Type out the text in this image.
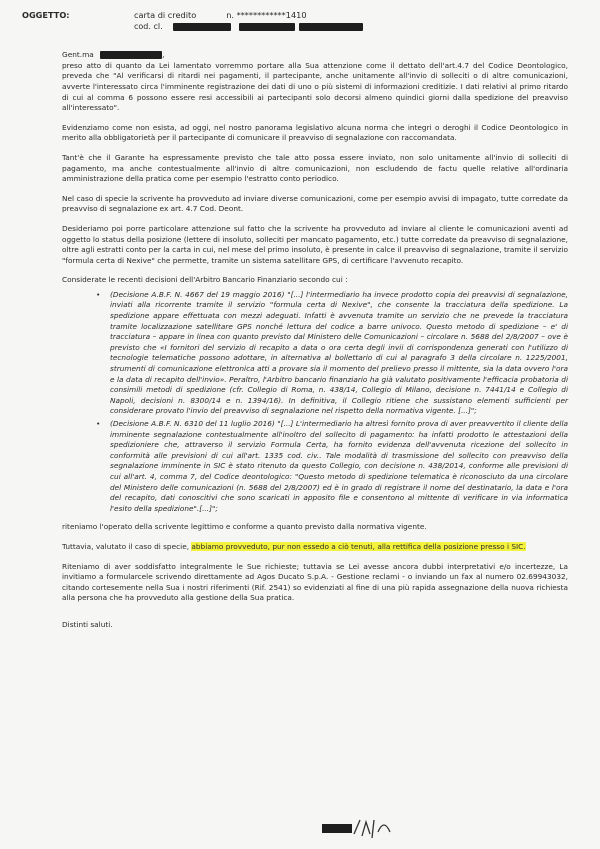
OGGETTO:	carta di credito	n. ************1410
cod. cl.
Gent.ma	,

preso atto di quanto da Lei lamentato vorremmo portare alla Sua attenzione come il dettato dell'art.4.7 del Codice Deontologico, preveda che "Al verificarsi di ritardi nei pagamenti, il partecipante, anche unitamente all'invio di solleciti o di altre comunicazioni, avverte l'interessato circa l'imminente registrazione dei dati di uno o più sistemi di informazioni creditizie. I dati relativi al primo ritardo di cui al comma 6 possono essere resi accessibili ai partecipanti solo decorsi almeno quindici giorni dalla spedizione del preavviso all'interessato".

Evidenziamo come non esista, ad oggi, nel nostro panorama legislativo alcuna norma che integri o deroghi il Codice Deontologico in merito alla obbligatorietà per il partecipante di comunicare il preavviso di segnalazione con raccomandata.

Tant'è che il Garante ha espressamente previsto che tale atto possa essere inviato, non solo unitamente all'invio di solleciti di pagamento, ma anche contestualmente all'invio di altre comunicazioni, non escludendo de factu quelle relative all'ordinaria amministrazione della pratica come per esempio l'estratto conto periodico.

Nel caso di specie la scrivente ha provveduto ad inviare diverse comunicazioni, come per esempio avvisi di impagato, tutte corredate da preavviso di segnalazione ex art. 4.7 Cod. Deont.

Desideriamo poi porre particolare attenzione sul fatto che la scrivente ha provveduto ad inviare al cliente le comunicazioni aventi ad oggetto lo status della posizione (lettere di insoluto, solleciti per mancato pagamento, etc.) tutte corredate da preavviso di segnalazione, oltre agli estratti conto per la carta in cui, nel mese del primo insoluto, è presente in calce il preavviso di segnalazione, tramite il servizio "formula certa di Nexive" che permette, tramite un sistema satellitare GPS, di certificare l'avvenuto recapito.

Considerate le recenti decisioni dell'Arbitro Bancario Finanziario secondo cui :

• (Decisione A.B.F. N. 4667 del 19 maggio 2016) "[...] l'intermediario ha invece prodotto copia dei preavvisi di segnalazione, inviati alla ricorrente tramite il servizio "formula certa di Nexive", che consente la tracciatura della spedizione. La spedizione appare effettuata con mezzi adeguati. Infatti è avvenuta tramite un servizio che ne prevede la tracciatura tramite localizzazione satellitare GPS nonché lettura del codice a barre univoco. Questo metodo di spedizione – e' di tracciatura – appare in linea con quanto previsto dal Ministero delle Comunicazioni – circolare n. 5688 del 2/8/2007 – ove è previsto che «I fornitori del servizio di recapito a data o ora certa degli invii di corrispondenza generati con l'utilizzo di tecnologie telematiche possono adottare, in alternativa al bollettario di cui al paragrafo 3 della circolare n. 1225/2001, strumenti di comunicazione elettronica atti a provare sia il momento del prelievo presso il mittente, sia la data ovvero l'ora e la data di recapito dell'invio». Peraltro, l'Arbitro bancario finanziario ha già valutato positivamente l'efficacia probatoria di consimili metodi di spedizione (cfr. Collegio di Roma, n. 438/14, Collegio di Milano, decisione n. 7441/14 e Collegio di Napoli, decisioni n. 8300/14 e n. 1394/16). In definitiva, il Collegio ritiene che sussistano elementi sufficienti per considerare provato l'invio del preavviso di segnalazione nel rispetto della normativa vigente. [...]";
• (Decisione A.B.F. N. 6310 del 11 luglio 2016) "[...] L'intermediario ha altresì fornito prova di aver preavvertito il cliente della imminente segnalazione contestualmente all'inoltro del sollecito di pagamento: ha infatti prodotto le attestazioni della spedizioniere che, attraverso il servizio Formula Certa, ha fornito evidenza dell'avvenuta ricezione del sollecito in conformità alle previsioni di cui all'art. 1335 cod. civ.. Tale modalità di trasmissione del sollecito con preavviso della segnalazione imminente in SIC è stato ritenuto da questo Collegio, con decisione n. 438/2014, conforme alle previsioni di cui all'art. 4, comma 7, del Codice deontologico: "Questo metodo di spedizione telematica è riconosciuto da una circolare del Ministero delle comunicazioni (n. 5688 del 2/8/2007) ed è in grado di registrare il nome del destinatario, la data e l'ora del recapito, dati conoscitivi che sono scaricati in apposito file e consentono al mittente di verificare in via informatica l'esito della spedizione".[...]";

riteniamo l'operato della scrivente legittimo e conforme a quanto previsto dalla normativa vigente.

Tuttavia, valutato il caso di specie, abbiamo provveduto, pur non essedo a ciò tenuti, alla rettifica della posizione presso i SIC.

Riteniamo di aver soddisfatto integralmente le Sue richieste; tuttavia se Lei avesse ancora dubbi interpretativi e/o incertezze, La invitiamo a formularcele scrivendo direttamente ad Agos Ducato S.p.A. - Gestione reclami - o inviando un fax al numero 02.69943032, citando cortesemente nella Sua i nostri riferimenti (Rif. 2541) so evidenziati al fine di una più rapida assegnazione della nuova richiesta alla persona che ha provveduto alla gestione della Sua pratica.

Distinti saluti.
